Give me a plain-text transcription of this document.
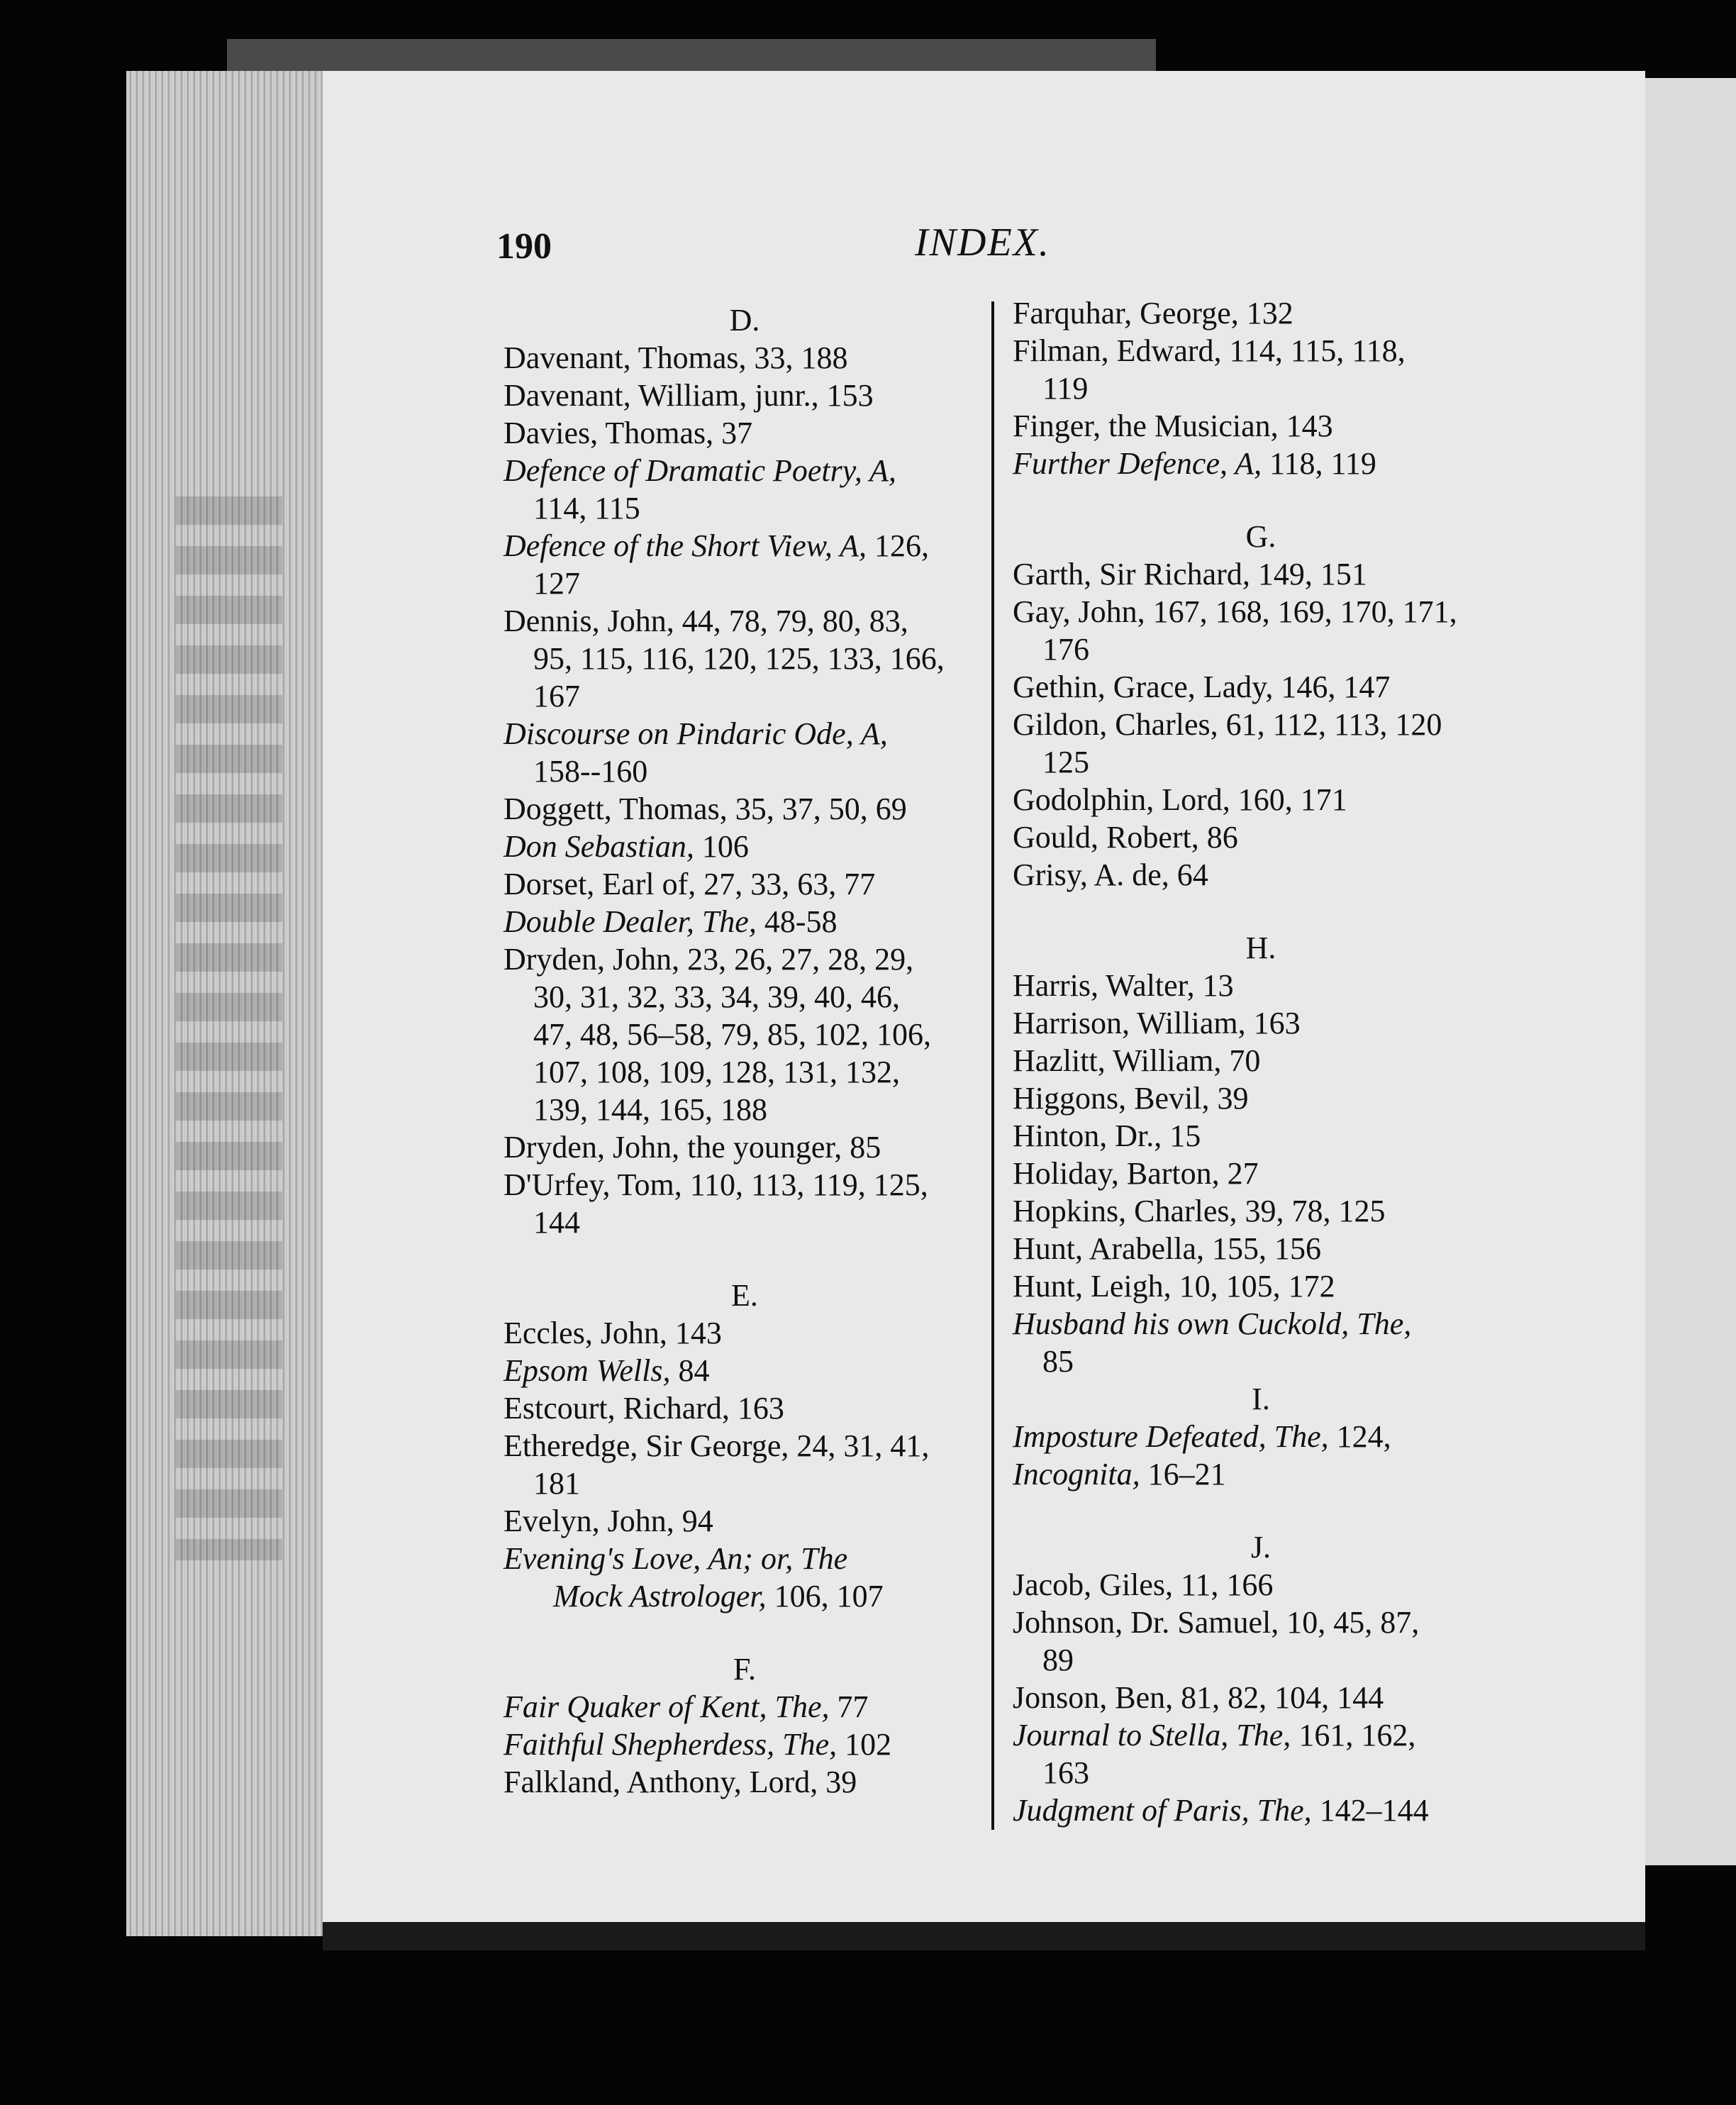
190	INDEX.
D.
Davenant, Thomas, 33, 188
Davenant, William, junr., 153
Davies, Thomas, 37
Defence of Dramatic Poetry, A,
114, 115
Defence of the Short View, A, 126,
127
Dennis, John, 44, 78, 79, 80, 83,
95, 115, 116, 120, 125, 133, 166,
167
Discourse on Pindaric Ode, A,
158--160
Doggett, Thomas, 35, 37, 50, 69
Don Sebastian, 106
Dorset, Earl of, 27, 33, 63, 77
Double Dealer, The, 48-58
Dryden, John, 23, 26, 27, 28, 29,
30, 31, 32, 33, 34, 39, 40, 46,
47, 48, 56–58, 79, 85, 102, 106,
107, 108, 109, 128, 131, 132,
139, 144, 165, 188
Dryden, John, the younger, 85
D'Urfey, Tom, 110, 113, 119, 125,
144
E.
Eccles, John, 143
Epsom Wells, 84
Estcourt, Richard, 163
Etheredge, Sir George, 24, 31, 41,
181
Evelyn, John, 94
Evening's Love, An; or, The
Mock Astrologer, 106, 107
F.
Fair Quaker of Kent, The, 77
Faithful Shepherdess, The, 102
Falkland, Anthony, Lord, 39
Farquhar, George, 132
Filman, Edward, 114, 115, 118,
119
Finger, the Musician, 143
Further Defence, A, 118, 119
G.
Garth, Sir Richard, 149, 151
Gay, John, 167, 168, 169, 170, 171,
176
Gethin, Grace, Lady, 146, 147
Gildon, Charles, 61, 112, 113, 120
125
Godolphin, Lord, 160, 171
Gould, Robert, 86
Grisy, A. de, 64
H.
Harris, Walter, 13
Harrison, William, 163
Hazlitt, William, 70
Higgons, Bevil, 39
Hinton, Dr., 15
Holiday, Barton, 27
Hopkins, Charles, 39, 78, 125
Hunt, Arabella, 155, 156
Hunt, Leigh, 10, 105, 172
Husband his own Cuckold, The,
85
I.
Imposture Defeated, The, 124,
Incognita, 16–21
J.
Jacob, Giles, 11, 166
Johnson, Dr. Samuel, 10, 45, 87,
89
Jonson, Ben, 81, 82, 104, 144
Journal to Stella, The, 161, 162,
163
Judgment of Paris, The, 142–144
